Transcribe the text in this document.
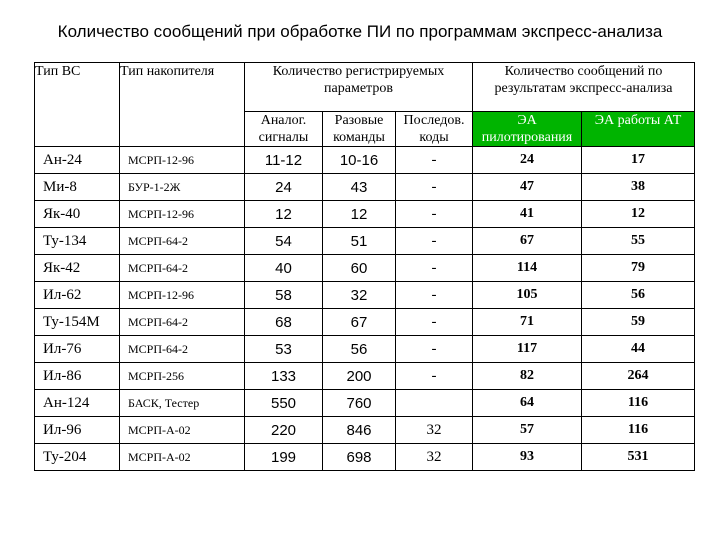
Количество сообщений при обработке ПИ по программам экспресс-анализа
Тип ВС	Тип накопителя	Количество регистрируемых параметров			Количество сообщений по результатам экспресс-анализа	
		Аналог. сигналы	Разовые команды	Последов. коды	ЭА пилотирования	ЭА работы АТ
Ан-24	МСРП-12-96	11-12	10-16	-	24	17
Ми-8	БУР-1-2Ж	24	43	-	47	38
Як-40	МСРП-12-96	12	12	-	41	12
Ту-134	МСРП-64-2	54	51	-	67	55
Як-42	МСРП-64-2	40	60	-	114	79
Ил-62	МСРП-12-96	58	32	-	105	56
Ту-154М	МСРП-64-2	68	67	-	71	59
Ил-76	МСРП-64-2	53	56	-	117	44
Ил-86	МСРП-256	133	200	-	82	264
Ан-124	БАСК, Тестер	550	760		64	116
Ил-96	МСРП-А-02	220	846	32	57	116
Ту-204	МСРП-А-02	199	698	32	93	531
